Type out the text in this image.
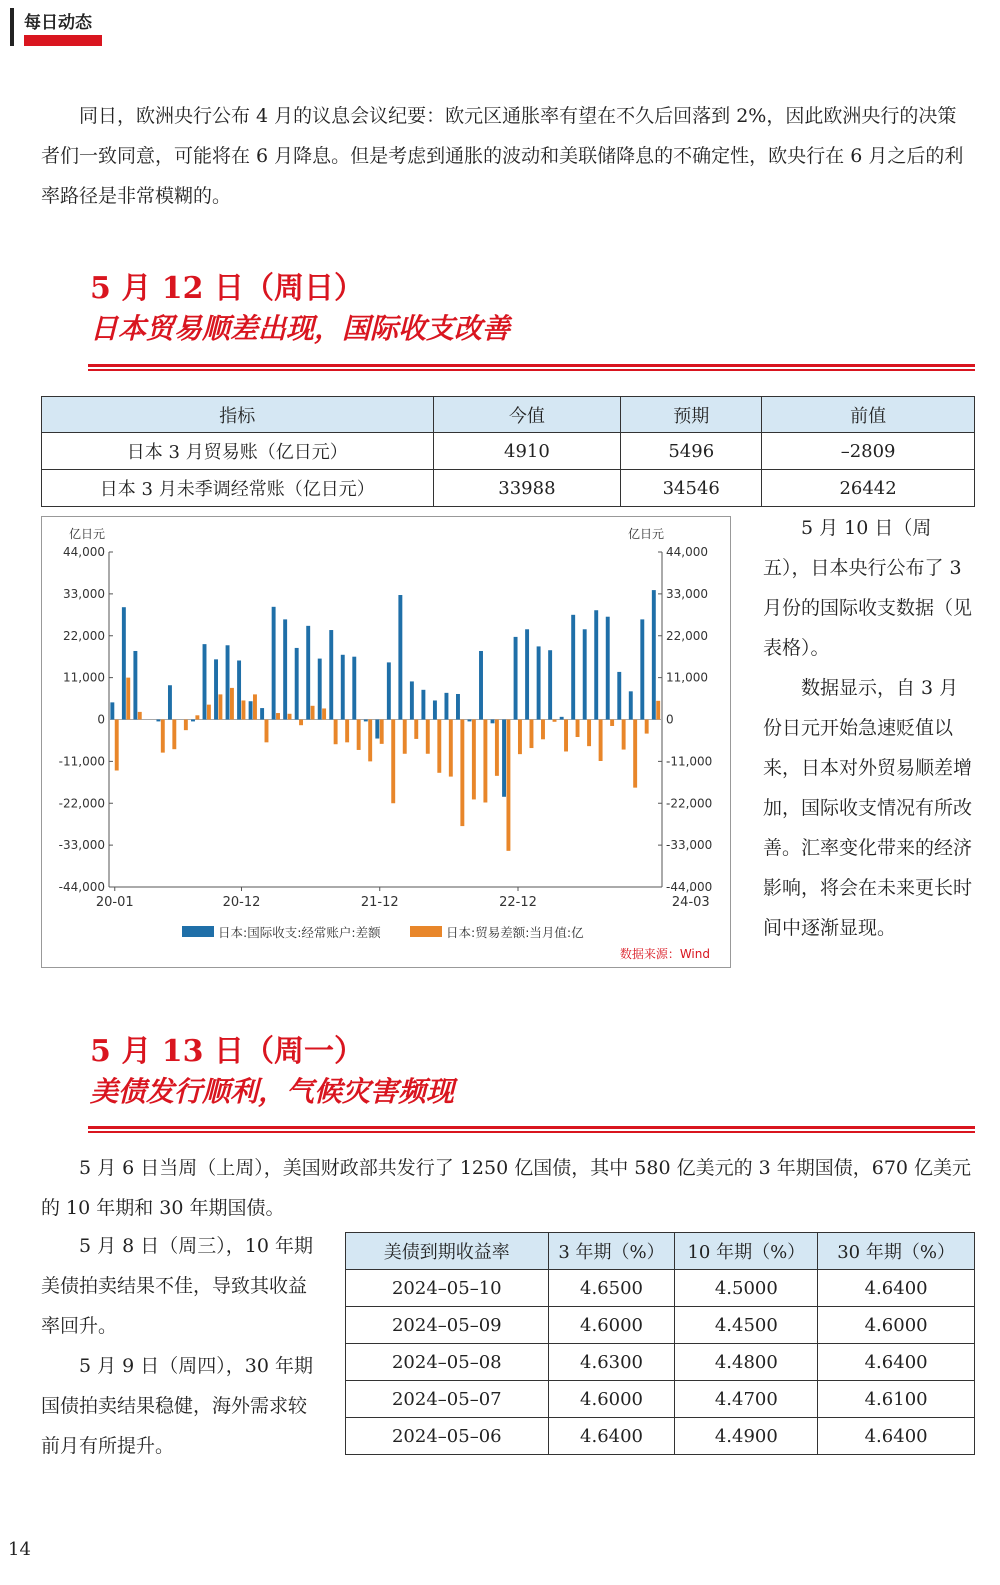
每日动态

同日，欧洲央行公布 4 月的议息会议纪要：欧元区通胀率有望在不久后回落到 2%，因此欧洲央行的决策者们一致同意，可能将在 6 月降息。但是考虑到通胀的波动和美联储降息的不确定性，欧央行在 6 月之后的利率路径是非常模糊的。

5 月 12 日（周日）
日本贸易顺差出现，国际收支改善
指标	今值	预期	前值
日本 3 月贸易账（亿日元）	4910	5496	–2809
日本 3 月未季调经常账（亿日元）	33988	34546	26442
44,000	44,000
33,000	33,000
22,000	22,000
11,000	11,000
0	0
-11,000	-11,000
-22,000	-22,000
-33,000	-33,000
-44,000	-44,000
亿日元	亿日元
20-01	20-12	21-12	22-12	24-03
日本:国际收支:经常账户:差额	日本:贸易差额:当月值:亿
数据来源：Wind

5 月 10 日（周五），日本央行公布了 3 月份的国际收支数据（见表格）。

数据显示，自 3 月份日元开始急速贬值以来，日本对外贸易顺差增加，国际收支情况有所改善。汇率变化带来的经济影响，将会在未来更长时间中逐渐显现。

5 月 13 日（周一）
美债发行顺利，气候灾害频现

5 月 6 日当周（上周），美国财政部共发行了 1250 亿国债，其中 580 亿美元的 3 年期国债，670 亿美元的 10 年期和 30 年期国债。

5 月 8 日（周三），10 年期美债拍卖结果不佳，导致其收益率回升。

5 月 9 日（周四），30 年期国债拍卖结果稳健，海外需求较前月有所提升。

美债到期收益率	3 年期（%）	10 年期（%）	30 年期（%）
2024–05–10	4.6500	4.5000	4.6400
2024–05–09	4.6000	4.4500	4.6000
2024–05–08	4.6300	4.4800	4.6400
2024–05–07	4.6000	4.4700	4.6100
2024–05–06	4.6400	4.4900	4.6400
14
